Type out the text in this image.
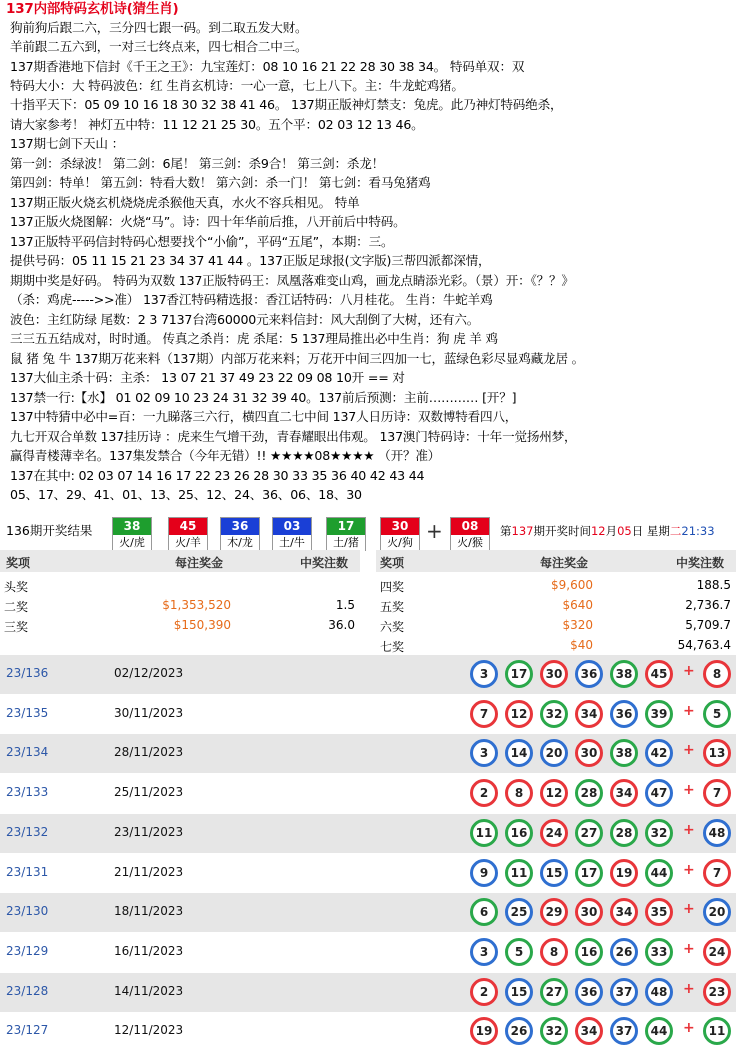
137内部特码玄机诗(猜生肖)
狗前狗后跟二六，三分四七跟一码。到二取五发大财。
羊前跟二五六到，一对三七终点来，四七相合二中三。
137期香港地下信封《千王之王》：九宝莲灯：08 10 16 21 22 28 30 38 34。 特码单双：双
特码大小：大 特码波色：红 生肖玄机诗：一心一意，七上八下。主：牛龙蛇鸡猪。
十指平天下：05 09 10 16 18 30 32 38 41 46。 137期正版神灯禁支：兔虎。此乃神灯特码绝杀，
请大家参考！ 神灯五中特：11 12 21 25 30。五个平：02 03 12 13 46。
137期七剑下天山 ：
第一剑：杀绿波！ 第二剑：6尾！ 第三剑：杀9合！ 第三剑：杀龙！
第四剑：特单！ 第五剑：特看大数！ 第六剑：杀一门！ 第七剑：看马兔猪鸡
137期正版火烧玄机烧烧虎杀猴他天真，水火不容兵相见。 特单
137正版火烧图解：火烧“马”。诗：四十年华前后推，八开前后中特码。
137正版特平码信封特码心想要找个“小偷”，平码“五尾”，本期：三。
提供号码：05 11 15 21 23 34 37 41 44 。137正版足球报(文字版)三帮四派都深情，
期期中奖是好码。 特码为双数 137正版特码王：凤凰落难变山鸡，画龙点睛添光彩。（景）开：《？？》
（杀：鸡虎----->>准） 137香江特码精选报：香江话特码：八月桂花。 生肖：牛蛇羊鸡
波色：主红防绿 尾数：2 3 7137台湾60000元来料信封：风大刮倒了大树，还有六。
三三五五结成对，时时通。 传真之杀肖：虎 杀尾：5 137理局推出必中生肖：狗 虎 羊 鸡
鼠 猪 兔 牛 137期万花来料（137期）内部万花来料；万花开中间三四加一七，蓝绿色彩尽显鸡藏龙居 。
137大仙主杀十码：主杀： 13 07 21 37 49 23 22 09 08 10开 == 对
137禁一行:【水】 01 02 09 10 23 24 31 32 39 40。137前后预测：主前………… [开？]
137中特猜中必中=百：一九睇落三六行，横四直二七中间 137人日历诗：双数博特看四八，
九七开双合单数 137挂历诗 ：虎来生气增干劲，青春耀眼出伟观。 137澳门特码诗：十年一觉扬州梦，
赢得青楼薄幸名。137集发禁合（今年无错）!! ★★★★08★★★★ （开？准）
137在其中: 02 03 07 14 16 17 22 23 26 28 30 33 35 36 40 42 43 44
05、17、29、41、01、13、25、12、24、36、06、18、30
136期开奖结果	38
火/虎
45
火/羊
36
木/龙
03
土/牛
17
土/猪
30
火/狗 +	08
火/猴
第137期开奖时间12月05日 星期二21:33
奖项	每注奖金	中奖注数	奖项	每注奖金	中奖注数
头奖
二奖	$1,353,520	1.5
三奖	$150,390	36.0
四奖	$9,600	188.5
五奖	$640	2,736.7
六奖	$320	5,709.7
七奖	$40	54,763.4
23/136	02/12/2023	3	17	30	36	38	45	+	8
23/135	30/11/2023	7	12	32	34	36	39	+	5
23/134	28/11/2023	3	14	20	30	38	42	+	13
23/133	25/11/2023	2	8	12	28	34	47	+	7
23/132	23/11/2023	11	16	24	27	28	32	+	48
23/131	21/11/2023	9	11	15	17	19	44	+	7
23/130	18/11/2023	6	25	29	30	34	35	+	20
23/129	16/11/2023	3	5	8	16	26	33	+	24
23/128	14/11/2023	2	15	27	36	37	48	+	23
23/127	12/11/2023	19	26	32	34	37	44	+	11
